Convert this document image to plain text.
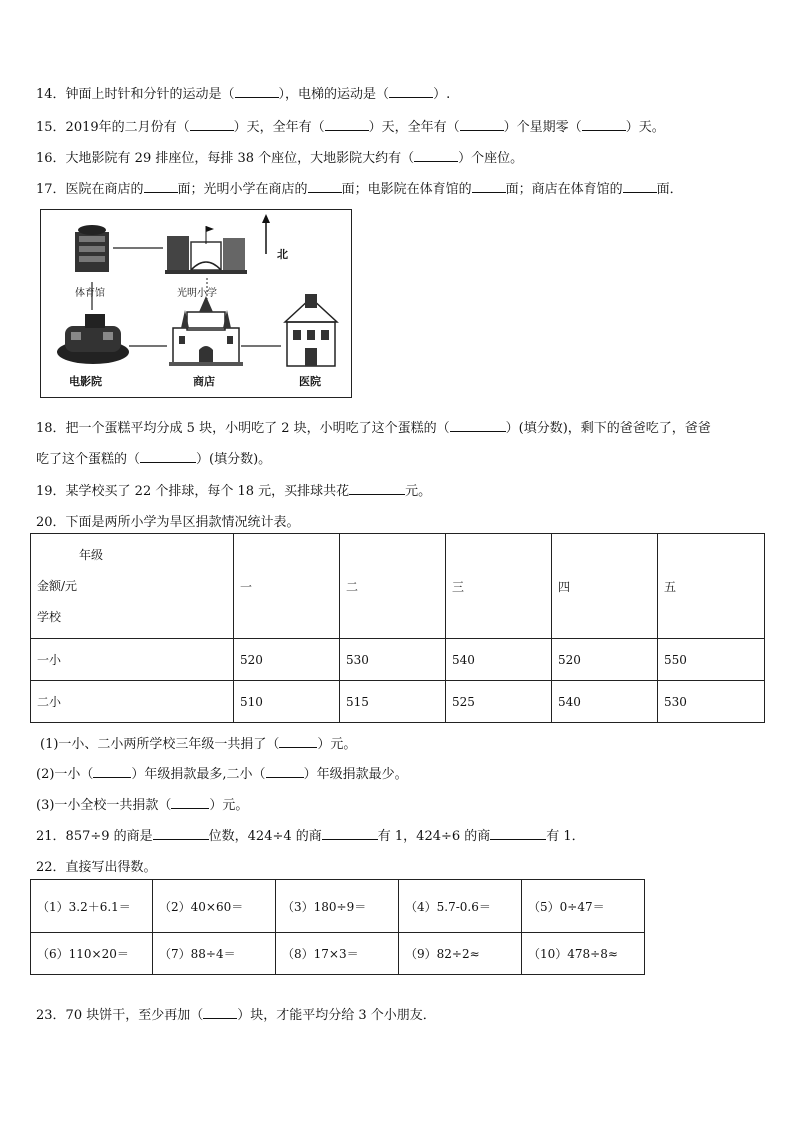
14．钟面上时针和分针的运动是（	），电梯的运动是（	）.
15．2019年的二月份有（	）天，全年有（	）天，全年有（	）个星期零（	）天。
16．大地影院有 29 排座位，每排 38 个座位，大地影院大约有（	）个座位。
17．医院在商店的	面；光明小学在商店的	面；电影院在体育馆的	面；商店在体育馆的	面．
北
体育馆	光明小学
电影院	商店	医院
18．把一个蛋糕平均分成 5 块，小明吃了 2 块，小明吃了这个蛋糕的（	）(填分数)，剩下的爸爸吃了，爸爸
吃了这个蛋糕的（	）(填分数)。
19．某学校买了 22 个排球，每个 18 元，买排球共花	元。
20．下面是两所小学为旱区捐款情况统计表。
年级
金额/元
学校	一	二	三	四	五
一小	520	530	540	520	550
二小	510	515	525	540	530
(1)一小、二小两所学校三年级一共捐了（	）元。
(2)一小（	）年级捐款最多,二小（	）年级捐款最少。
(3)一小全校一共捐款（	）元。
21．857÷9 的商是	位数，424÷4 的商	有 1，424÷6 的商	有 1．
22．直接写出得数。
（1）3.2＋6.1＝	（2）40×60＝	（3）180÷9＝	（4）5.7-0.6＝	（5）0÷47＝
（6）110×20＝	（7）88÷4＝	（8）17×3＝	（9）82÷2≈	（10）478÷8≈
23．70 块饼干，至少再加（	）块，才能平均分给 3 个小朋友．
